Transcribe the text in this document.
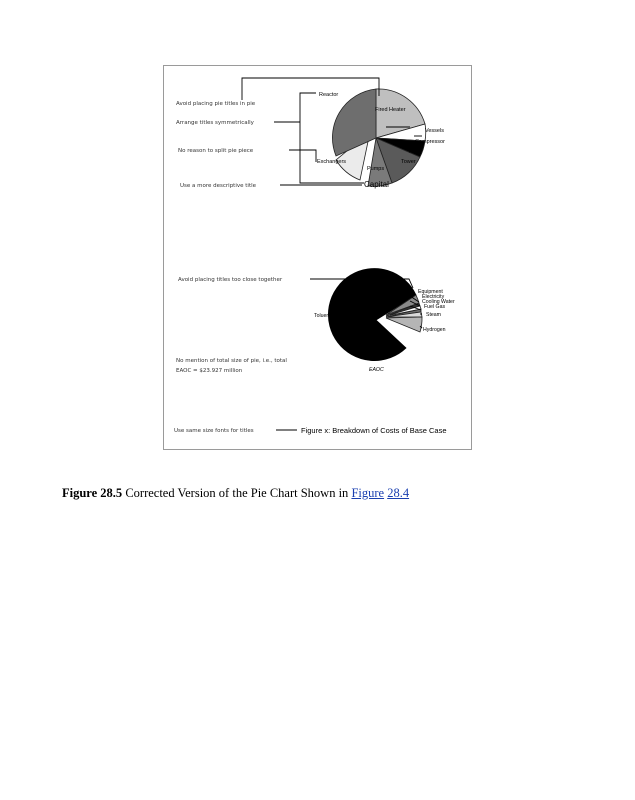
Reactor
Fired Heater
Vessels
Compressor
Tower
Pumps
Exchangers
Capital
Avoid placing pie titles in pie
Arrange titles symmetrically
No reason to split pie piece
Use a more descriptive title
Equipment
Electricity
Cooling Water
Fuel Gas
Steam
Hydrogen
Toluene
EAOC
Avoid placing titles too close together
No mention of total size of pie, i.e., total
EAOC = $23.927 million
Use same size fonts for titles	Figure x: Breakdown of Costs of Base Case
Figure 28.5 Corrected Version of the Pie Chart Shown in Figure 28.4
